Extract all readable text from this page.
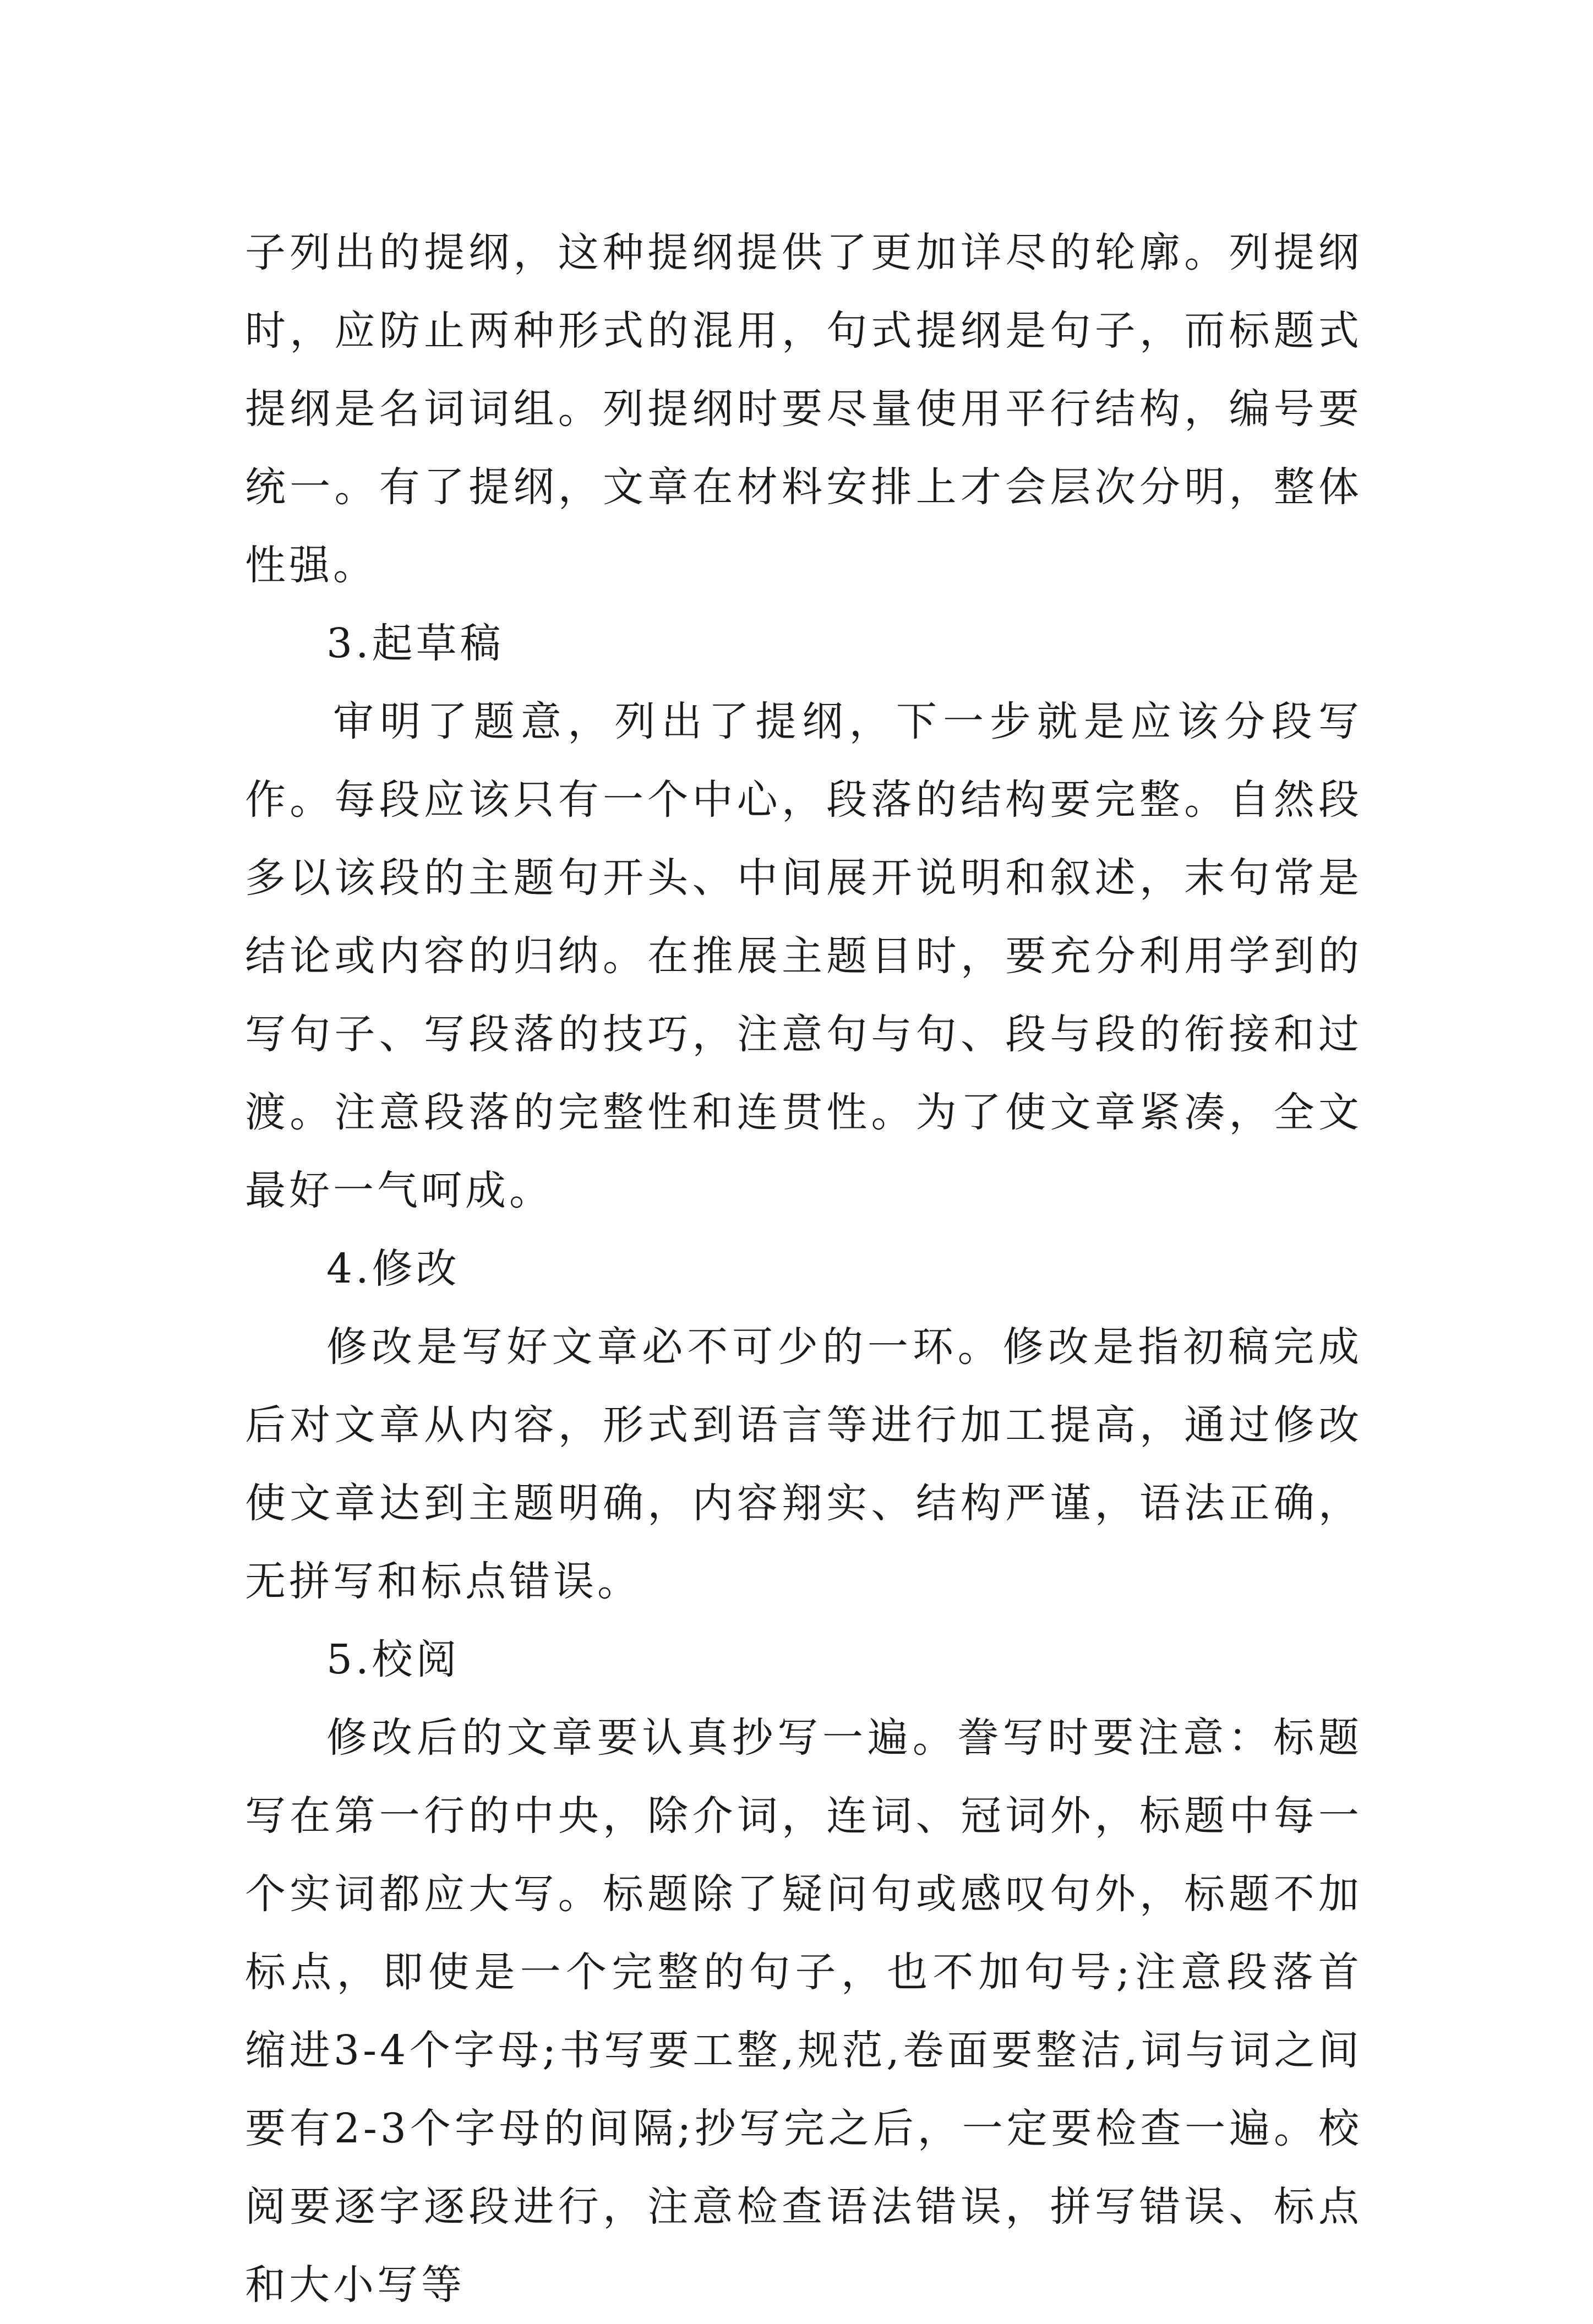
子列出的提纲，这种提纲提供了更加详尽的轮廓。列提纲时，应防止两种形式的混用，句式提纲是句子，而标题式提纲是名词词组。列提纲时要尽量使用平行结构，编号要统一。有了提纲，文章在材料安排上才会层次分明，整体性强。

3.起草稿

审明了题意，列出了提纲，下一步就是应该分段写作。每段应该只有一个中心，段落的结构要完整。自然段多以该段的主题句开头、中间展开说明和叙述，末句常是结论或内容的归纳。在推展主题目时，要充分利用学到的写句子、写段落的技巧，注意句与句、段与段的衔接和过渡。注意段落的完整性和连贯性。为了使文章紧凑，全文最好一气呵成。

4.修改

修改是写好文章必不可少的一环。修改是指初稿完成后对文章从内容，形式到语言等进行加工提高，通过修改使文章达到主题明确，内容翔实、结构严谨，语法正确，无拼写和标点错误。

5.校阅

修改后的文章要认真抄写一遍。誊写时要注意：标题写在第一行的中央，除介词，连词、冠词外，标题中每一个实词都应大写。标题除了疑问句或感叹句外，标题不加标点，即使是一个完整的句子，也不加句号;注意段落首缩进3-4个字母;书写要工整,规范,卷面要整洁,词与词之间要有2-3个字母的间隔;抄写完之后，一定要检查一遍。校阅要逐字逐段进行，注意检查语法错误，拼写错误、标点和大小写等
